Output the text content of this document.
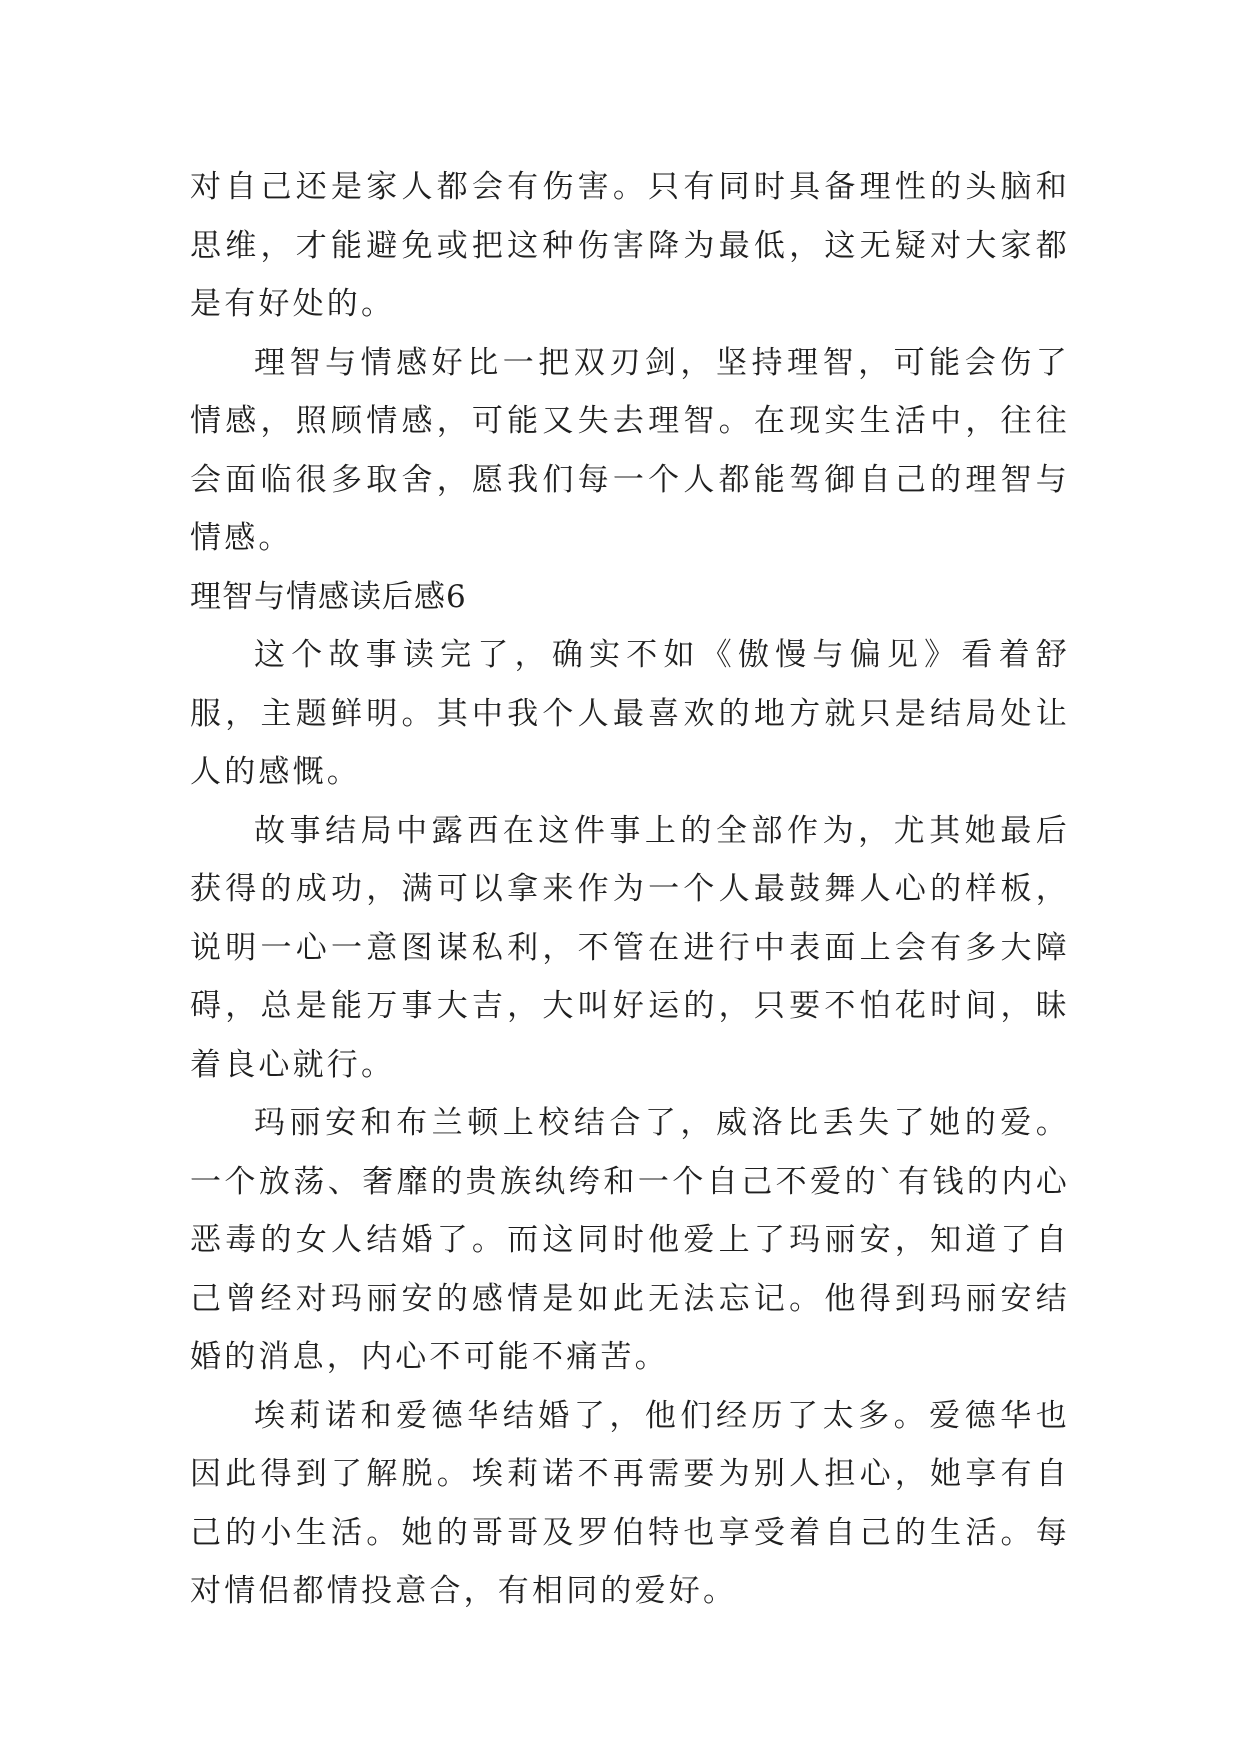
对自己还是家人都会有伤害。只有同时具备理性的头脑和思维，才能避免或把这种伤害降为最低，这无疑对大家都是有好处的。

理智与情感好比一把双刃剑，坚持理智，可能会伤了情感，照顾情感，可能又失去理智。在现实生活中，往往会面临很多取舍，愿我们每一个人都能驾御自己的理智与情感。

理智与情感读后感6

这个故事读完了，确实不如《傲慢与偏见》看着舒服，主题鲜明。其中我个人最喜欢的地方就只是结局处让人的感慨。

故事结局中露西在这件事上的全部作为，尤其她最后获得的成功，满可以拿来作为一个人最鼓舞人心的样板，说明一心一意图谋私利，不管在进行中表面上会有多大障碍，总是能万事大吉，大叫好运的，只要不怕花时间，昧着良心就行。

玛丽安和布兰顿上校结合了，威洛比丢失了她的爱。一个放荡、奢靡的贵族纨绔和一个自己不爱的`有钱的内心恶毒的女人结婚了。而这同时他爱上了玛丽安，知道了自己曾经对玛丽安的感情是如此无法忘记。他得到玛丽安结婚的消息，内心不可能不痛苦。

埃莉诺和爱德华结婚了，他们经历了太多。爱德华也因此得到了解脱。埃莉诺不再需要为别人担心，她享有自己的小生活。她的哥哥及罗伯特也享受着自己的生活。每对情侣都情投意合，有相同的爱好。
